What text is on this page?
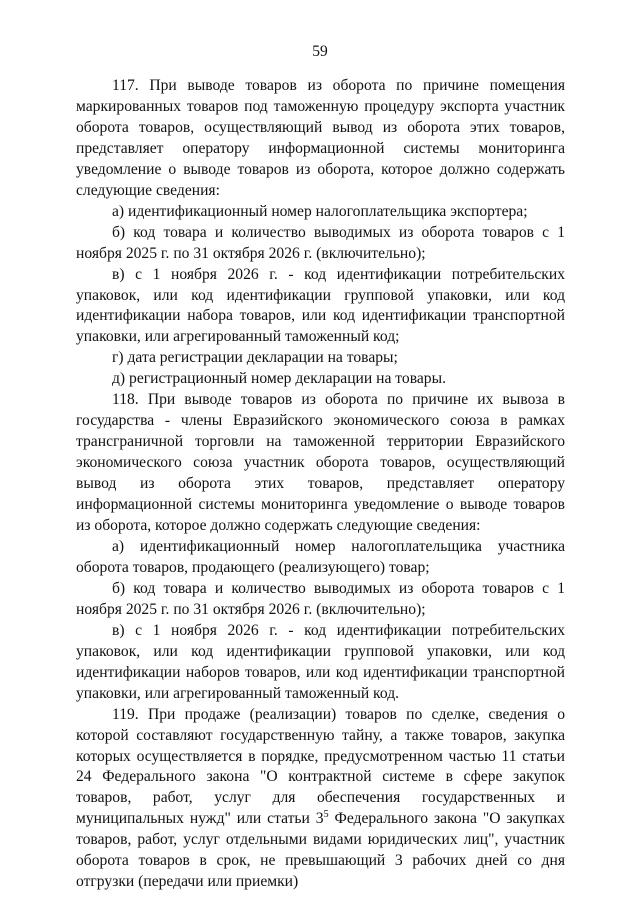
59

117. При выводе товаров из оборота по причине помещения маркированных товаров под таможенную процедуру экспорта участник оборота товаров, осуществляющий вывод из оборота этих товаров, представляет оператору информационной системы мониторинга уведомление о выводе товаров из оборота, которое должно содержать следующие сведения:

а) идентификационный номер налогоплательщика экспортера;

б) код товара и количество выводимых из оборота товаров с 1 ноября 2025 г. по 31 октября 2026 г. (включительно);

в) с 1 ноября 2026 г. - код идентификации потребительских упаковок, или код идентификации групповой упаковки, или код идентификации набора товаров, или код идентификации транспортной упаковки, или агрегированный таможенный код;

г) дата регистрации декларации на товары;

д) регистрационный номер декларации на товары.

118. При выводе товаров из оборота по причине их вывоза в государства - члены Евразийского экономического союза в рамках трансграничной торговли на таможенной территории Евразийского экономического союза участник оборота товаров, осуществляющий вывод из оборота этих товаров, представляет оператору информационной системы мониторинга уведомление о выводе товаров из оборота, которое должно содержать следующие сведения:

а) идентификационный номер налогоплательщика участника оборота товаров, продающего (реализующего) товар;

б) код товара и количество выводимых из оборота товаров с 1 ноября 2025 г. по 31 октября 2026 г. (включительно);

в) с 1 ноября 2026 г. - код идентификации потребительских упаковок, или код идентификации групповой упаковки, или код идентификации наборов товаров, или код идентификации транспортной упаковки, или агрегированный таможенный код.

119. При продаже (реализации) товаров по сделке, сведения о которой составляют государственную тайну, а также товаров, закупка которых осуществляется в порядке, предусмотренном частью 11 статьи 24 Федерального закона "О контрактной системе в сфере закупок товаров, работ, услуг для обеспечения государственных и муниципальных нужд" или статьи $3^5$ Федерального закона "О закупках товаров, работ, услуг отдельными видами юридических лиц", участник оборота товаров в срок, не превышающий 3 рабочих дней со дня отгрузки (передачи или приемки)
